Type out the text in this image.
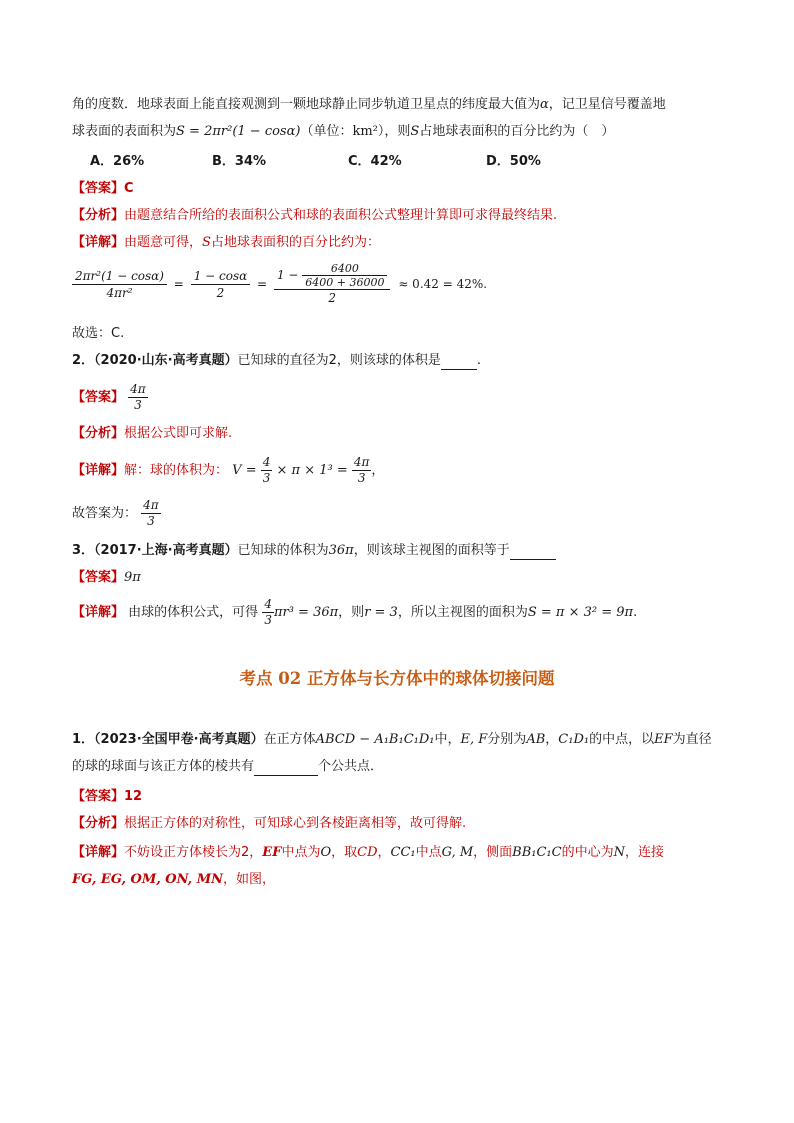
角的度数．地球表面上能直接观测到一颗地球静止同步轨道卫星点的纬度最大值为α，记卫星信号覆盖地
球表面的表面积为S = 2πr²(1 − cosα)（单位：km²），则S占地球表面积的百分比约为（　）
A．26%	B．34%	C．42%	D．50%
【答案】C
【分析】由题意结合所给的表面积公式和球的表面积公式整理计算即可求得最终结果.
【详解】由题意可得，S占地球表面积的百分比约为：
$\frac{\text{2πr²(1 − cosα)}}{\text{4πr²}} = \frac{1 - \cos\alpha}{2} = \frac{1 - \frac{6400}{6400 + 36000}}{2} \approx 0.42 = 42\%$.
故选：C.
2．（2020·山东·高考真题）已知球的直径为2，则该球的体积是	.
【答案】 $\frac{4\pi}{3}$
【分析】根据公式即可求解.
【详解】解：球的体积为： $V = \frac{4}{3} \times \pi \times 1^3 = \frac{4\pi}{3}$ ，
故答案为： $\frac{4\pi}{3}$
3．（2017·上海·高考真题）已知球的体积为36π，则该球主视图的面积等于
【答案】9π
【详解】 由球的体积公式，可得 $\frac{4}{3} \pi r^3 = 36\pi$，则r = 3，所以主视图的面积为S = π × 3² = 9π.
考点 02 正方体与长方体中的球体切接问题
1．（2023·全国甲卷·高考真题）在正方体ABCD − A₁B₁C₁D₁中，E, F分别为AB，C₁D₁的中点，以EF为直径
的球的球面与该正方体的棱共有	个公共点．
【答案】12
【分析】根据正方体的对称性，可知球心到各棱距离相等，故可得解.
【详解】不妨设正方体棱长为2，EF中点为O，取CD，CC₁中点G, M，侧面BB₁C₁C的中心为N，连接
FG, EG, OM, ON, MN，如图，
